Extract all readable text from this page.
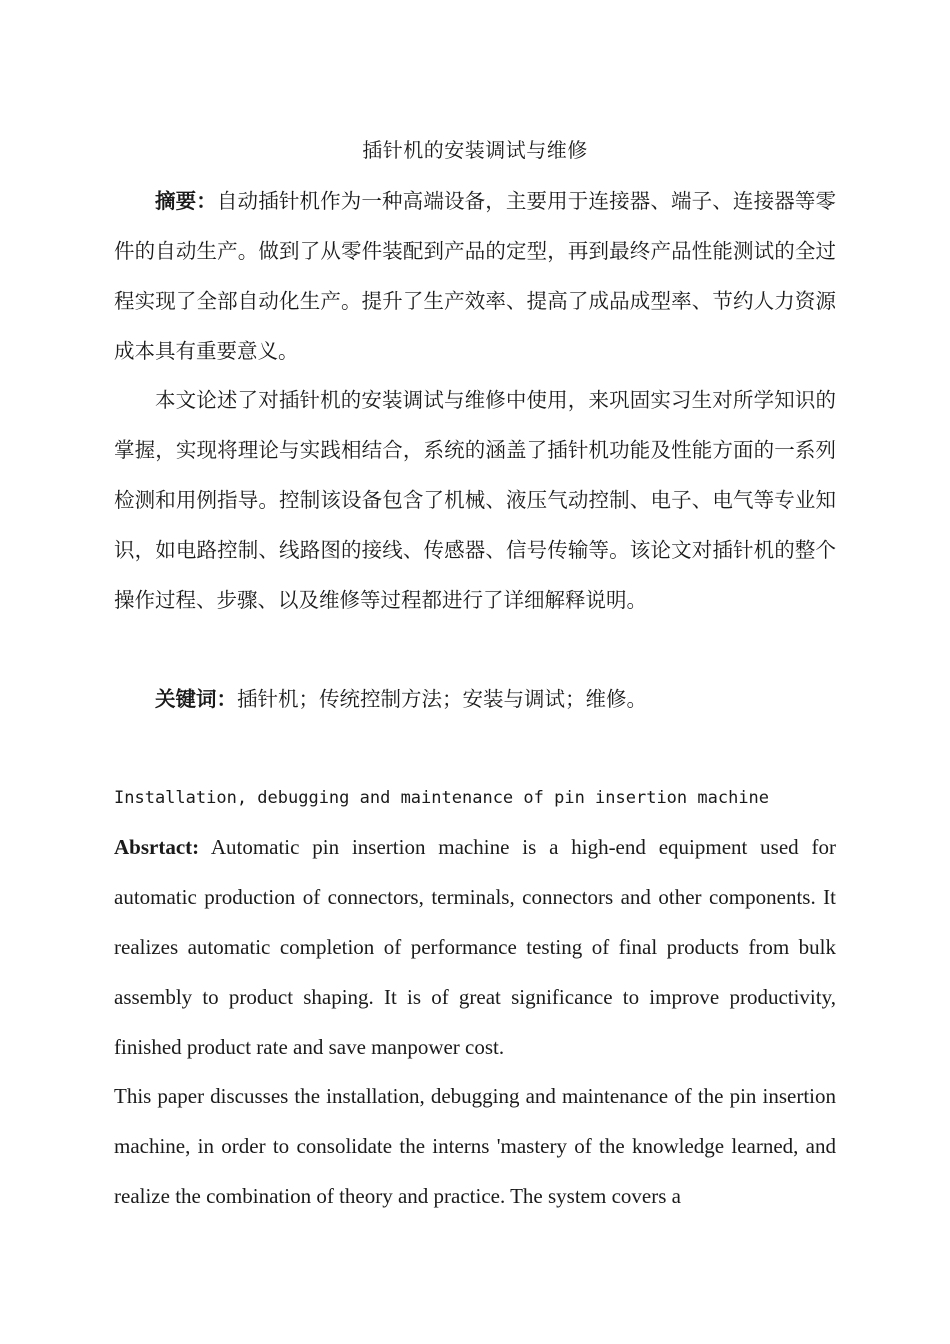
插针机的安装调试与维修

摘要：自动插针机作为一种高端设备，主要用于连接器、端子、连接器等零件的自动生产。做到了从零件装配到产品的定型，再到最终产品性能测试的全过程实现了全部自动化生产。提升了生产效率、提高了成品成型率、节约人力资源成本具有重要意义。

本文论述了对插针机的安装调试与维修中使用，来巩固实习生对所学知识的掌握，实现将理论与实践相结合，系统的涵盖了插针机功能及性能方面的一系列检测和用例指导。控制该设备包含了机械、液压气动控制、电子、电气等专业知识，如电路控制、线路图的接线、传感器、信号传输等。该论文对插针机的整个操作过程、步骤、以及维修等过程都进行了详细解释说明。

关键词：插针机；传统控制方法；安装与调试；维修。

Installation, debugging and maintenance of pin insertion machine

Absrtact: Automatic pin insertion machine is a high-end equipment used for automatic production of connectors, terminals, connectors and other components. It realizes automatic completion of performance testing of final products from bulk assembly to product shaping. It is of great significance to improve productivity, finished product rate and save manpower cost.

This paper discusses the installation, debugging and maintenance of the pin insertion machine, in order to consolidate the interns 'mastery of the knowledge learned, and realize the combination of theory and practice. The system covers a
